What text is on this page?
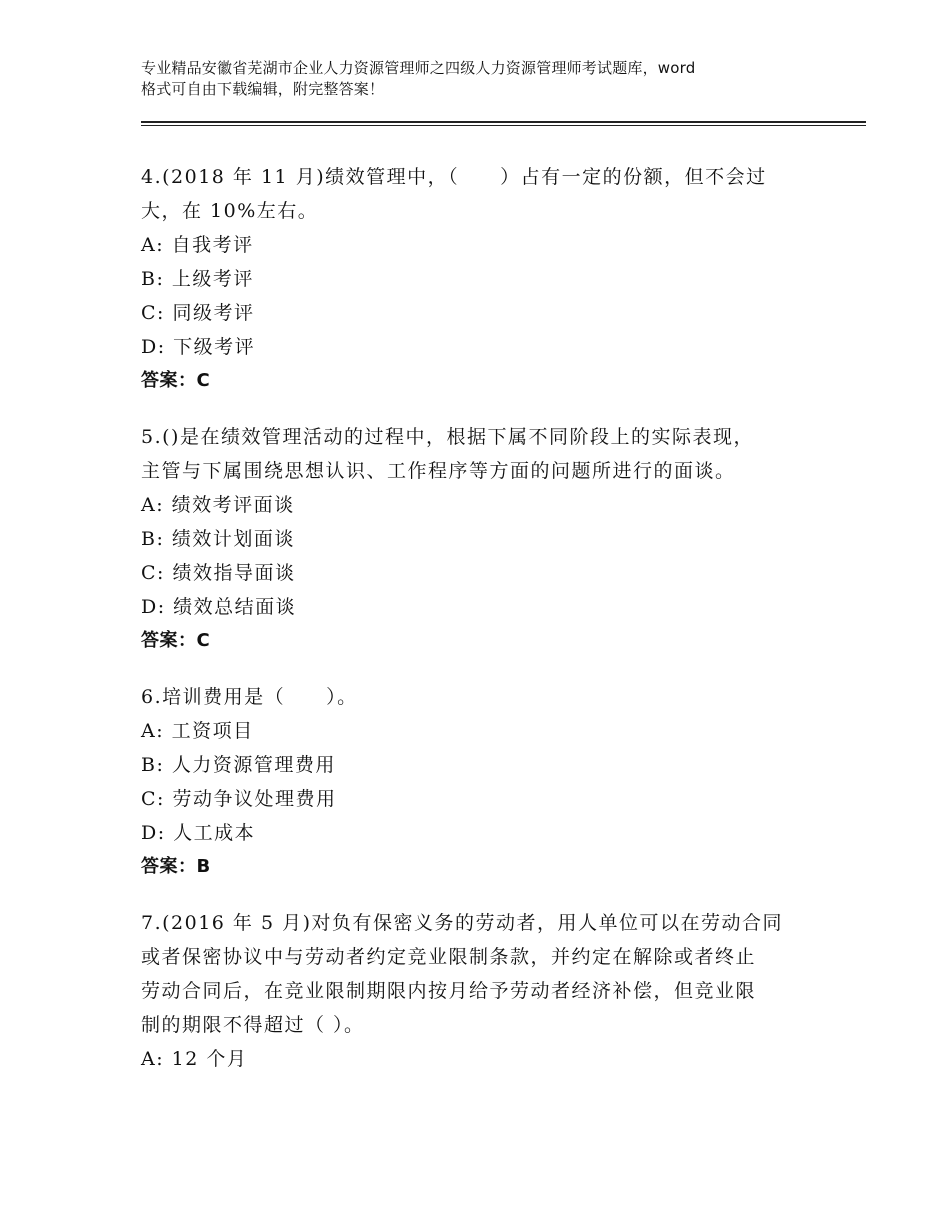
专业精品安徽省芜湖市企业人力资源管理师之四级人力资源管理师考试题库，word
格式可自由下载编辑，附完整答案！
4.(2018 年 11 月)绩效管理中，（　　）占有一定的份额，但不会过
大，在 10%左右。
A: 自我考评
B: 上级考评
C: 同级考评
D: 下级考评
答案：C
5.()是在绩效管理活动的过程中，根据下属不同阶段上的实际表现，
主管与下属围绕思想认识、工作程序等方面的问题所进行的面谈。
A: 绩效考评面谈
B: 绩效计划面谈
C: 绩效指导面谈
D: 绩效总结面谈
答案：C
6.培训费用是（　　）。
A: 工资项目
B: 人力资源管理费用
C: 劳动争议处理费用
D: 人工成本
答案：B
7.(2016 年 5 月)对负有保密义务的劳动者，用人单位可以在劳动合同
或者保密协议中与劳动者约定竞业限制条款，并约定在解除或者终止
劳动合同后，在竞业限制期限内按月给予劳动者经济补偿，但竞业限
制的期限不得超过（ ）。
A: 12 个月
